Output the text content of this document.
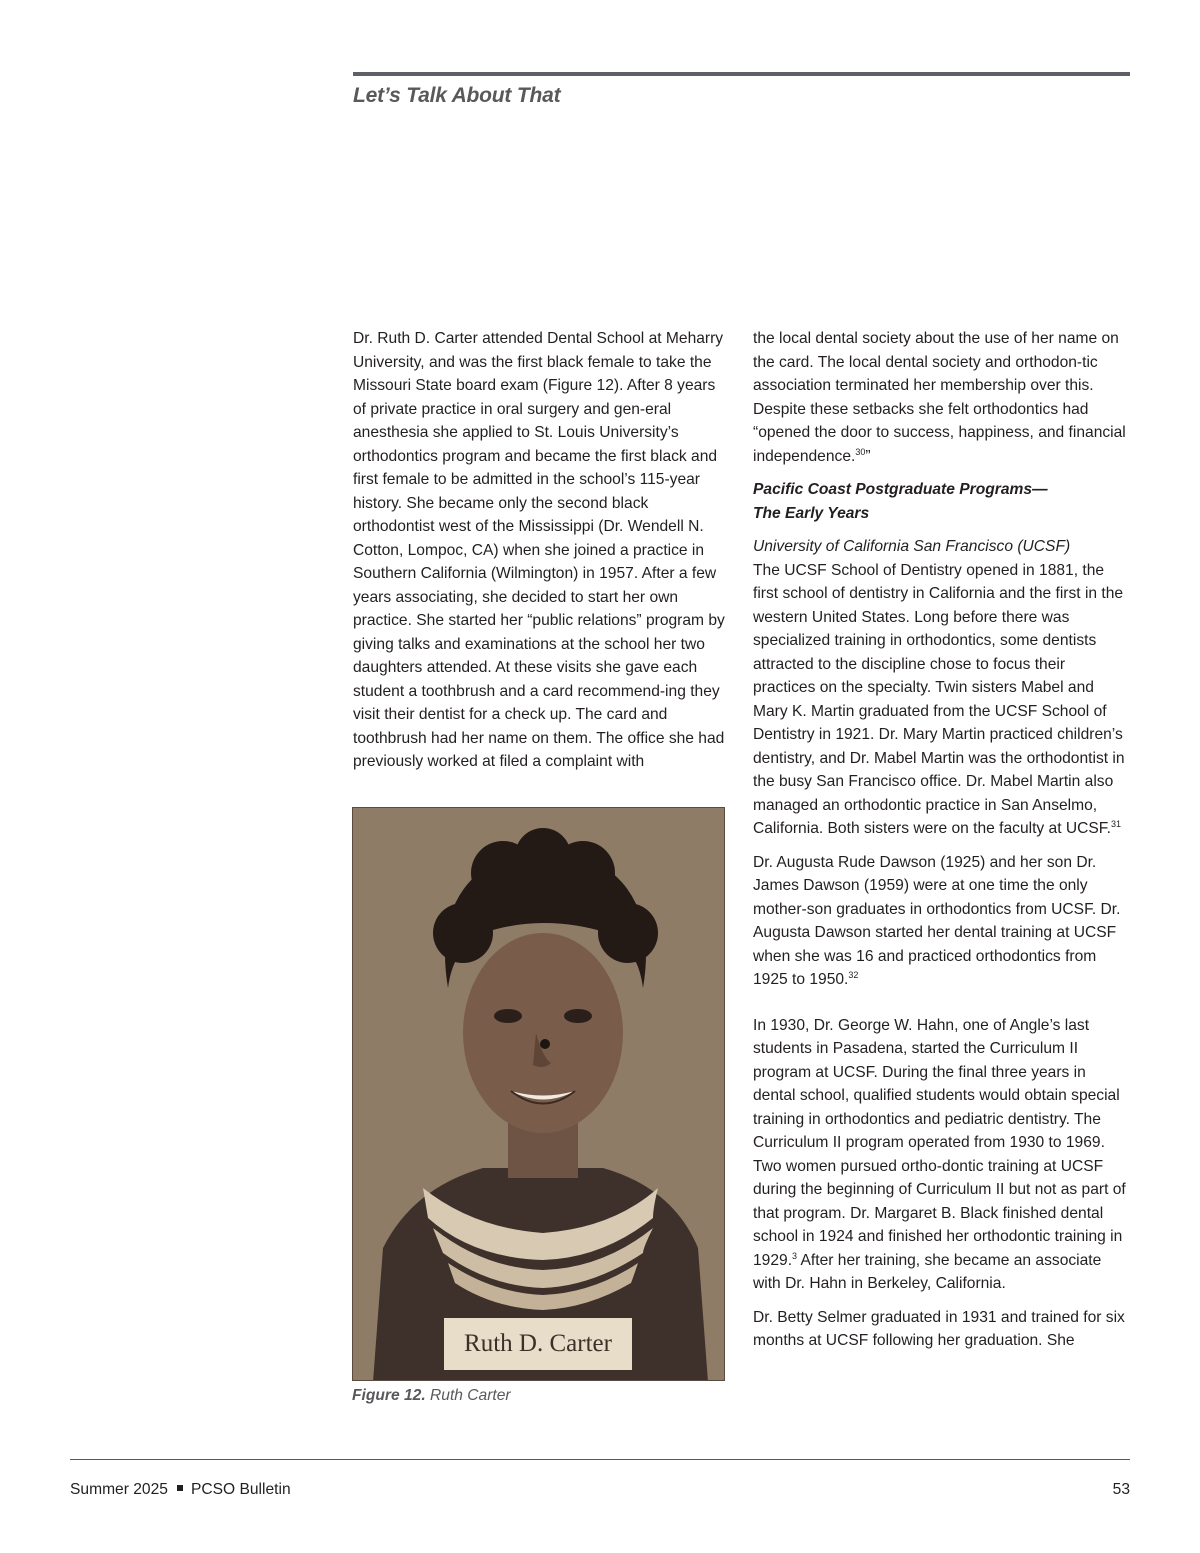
Let’s Talk About That

Dr. Ruth D. Carter attended Dental School at Meharry University, and was the first black female to take the Missouri State board exam (Figure 12). After 8 years of private practice in oral surgery and gen-eral anesthesia she applied to St. Louis University’s orthodontics program and became the first black and first female to be admitted in the school’s 115-year history. She became only the second black orthodontist west of the Mississippi (Dr. Wendell N. Cotton, Lompoc, CA) when she joined a practice in Southern California (Wilmington) in 1957. After a few years associating, she decided to start her own practice. She started her “public relations” program by giving talks and examinations at the school her two daughters attended. At these visits she gave each student a toothbrush and a card recommend-ing they visit their dentist for a check up. The card and toothbrush had her name on them. The office she had previously worked at filed a complaint with

Ruth D. Carter
Figure 12. Ruth Carter

the local dental society about the use of her name on the card. The local dental society and orthodon-tic association terminated her membership over this. Despite these setbacks she felt orthodontics had “opened the door to success, happiness, and financial independence.$^{30}$”

Pacific Coast Postgraduate Programs—
The Early Years

University of California San Francisco (UCSF)

The UCSF School of Dentistry opened in 1881, the first school of dentistry in California and the first in the western United States. Long before there was specialized training in orthodontics, some dentists attracted to the discipline chose to focus their practices on the specialty. Twin sisters Mabel and Mary K. Martin graduated from the UCSF School of Dentistry in 1921. Dr. Mary Martin practiced children’s dentistry, and Dr. Mabel Martin was the orthodontist in the busy San Francisco office. Dr. Mabel Martin also managed an orthodontic practice in San Anselmo, California. Both sisters were on the faculty at UCSF.$^{31}$

Dr. Augusta Rude Dawson (1925) and her son Dr. James Dawson (1959) were at one time the only mother-son graduates in orthodontics from UCSF. Dr. Augusta Dawson started her dental training at UCSF when she was 16 and practiced orthodontics from 1925 to 1950.32

In 1930, Dr. George W. Hahn, one of Angle’s last students in Pasadena, started the Curriculum II program at UCSF. During the final three years in dental school, qualified students would obtain special training in orthodontics and pediatric dentistry. The Curriculum II program operated from 1930 to 1969. Two women pursued ortho-dontic training at UCSF during the beginning of Curriculum II but not as part of that program. Dr. Margaret B. Black finished dental school in 1924 and finished her orthodontic training in 1929.$^3$ After her training, she became an associate with Dr. Hahn in Berkeley, California.

Dr. Betty Selmer graduated in 1931 and trained for six months at UCSF following her graduation. She

Summer 2025 PCSO Bulletin	53
